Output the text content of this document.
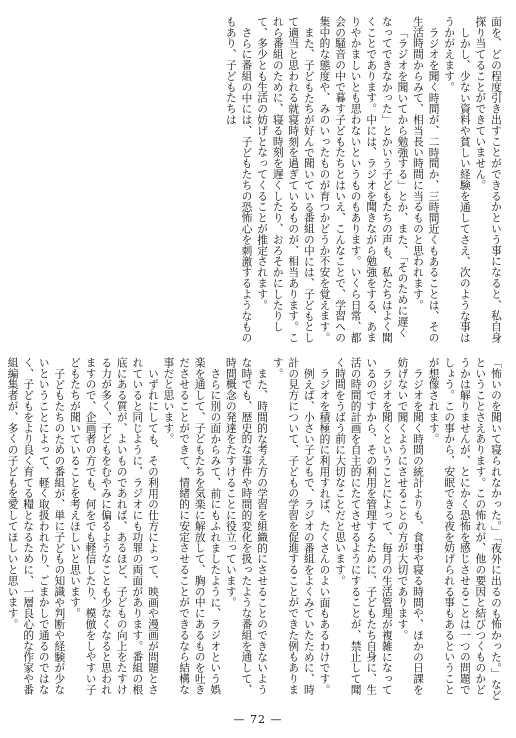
面を、どの程度引き出すことができるかという事になると、私自身探り当てることができていません。

しかし、少ない資料や貧しい経験を通してさえ、次のような事はうかがえます。

ラジオを聞く時間が、二時間か、三時間近くもあることは、その生活時間からみて、相当長い時間に当るものと思われます。

「ラジオを聞いてから勉強する」とか、また、「そのために遅くなってできなかった」とかいう子どもたちの声も、私たちはよく聞くことであります。中には、ラジオを聞きながら勉強をする、あまりやかましいとも思わないというものもあります。いくら日常、都会の騒音の中で暮す子どもたちとはいえ、こんなことで、学習への集中的な態度や、みのいったものが育つかどうか不安を覚えます。

また、子どもたちが好んで聞いている番組の中には、子どもとして適当と思われる就寝時刻を過ぎているものが、相当あります。これら番組のために、寝る時刻を遅くしたり、おろそかにしたりして、多少とも生活の妨げとなってくることが推定されます。

さらに番組の中には、子どもたちの恐怖心を刺激するようなものもあり、子どもたちは

「怖いのを聞いて寝られなかった。」「夜外に出るのも怖かった。」などということさえあります。この怖れが、他の要因と結びつくものかどうかは解りませんが、とにかく恐怖を感じさせることは一つの問題でしょう。この事から、安眠できる夜を妨げられる事もあるということが想像されます。

ラジオを聞く時間の統計よりも、食事や寝る時間や、ほかの日課を妨げないで聞くようにさせることの方が大切であります。

ラジオを聞くということによって、毎月の生活管理が複雑になっているのですから、その利用を管理するために、子どもたち自身に、生活の時間的計画を自主的にたてさせるようにすることが、禁止して聞く時間をうばう前に大切なことだと思います。

ラジオを積極的に利用すれば、たくさんのよい面もあるわけです。

例えば、小さい子どもで、ラジオの番組をよくみていたために、時計の見方について、子どもの学習を促進することができた例もあります。

また、時間的な考え方の学習を組織的にさせることのできないような時でも、歴史的な事件や時間的変化を扱ったような番組を通して、時間概念の発達をたすけることに役立っています。

さらに別の面からみて、前にもふれましたように、ラジオという娯楽を通して、子どもたちを気楽に解放して、胸の中にあるものを吐きださせることができて、情緒的に安定させることができるなら結構な事だと思います。

いずれにしても、その利用の仕方によって、映画や漫画が問題とされていると同じように、ラジオにも功罪の両面があります。番組の根底にある質が、よいものであれば、あるほど、子どもの向上をたすける力が多く、子どもをむやみに偏るようなことも少なくなると思われますので、企画者の方でも、何をでも軽信したり、模倣をしやすい子どもたちが聞いていることを考えほしいと思います。

子どもたちのための番組が、単に子どもの知識や判断や経験が少ないということによって、軽く取扱われたり、ごまかしで通るのではなく、子どもをより良く育てる糧となるために、一層良心的な作家や番組編集者が、多くの子どもを愛してほしいと思います。

— 72 —
